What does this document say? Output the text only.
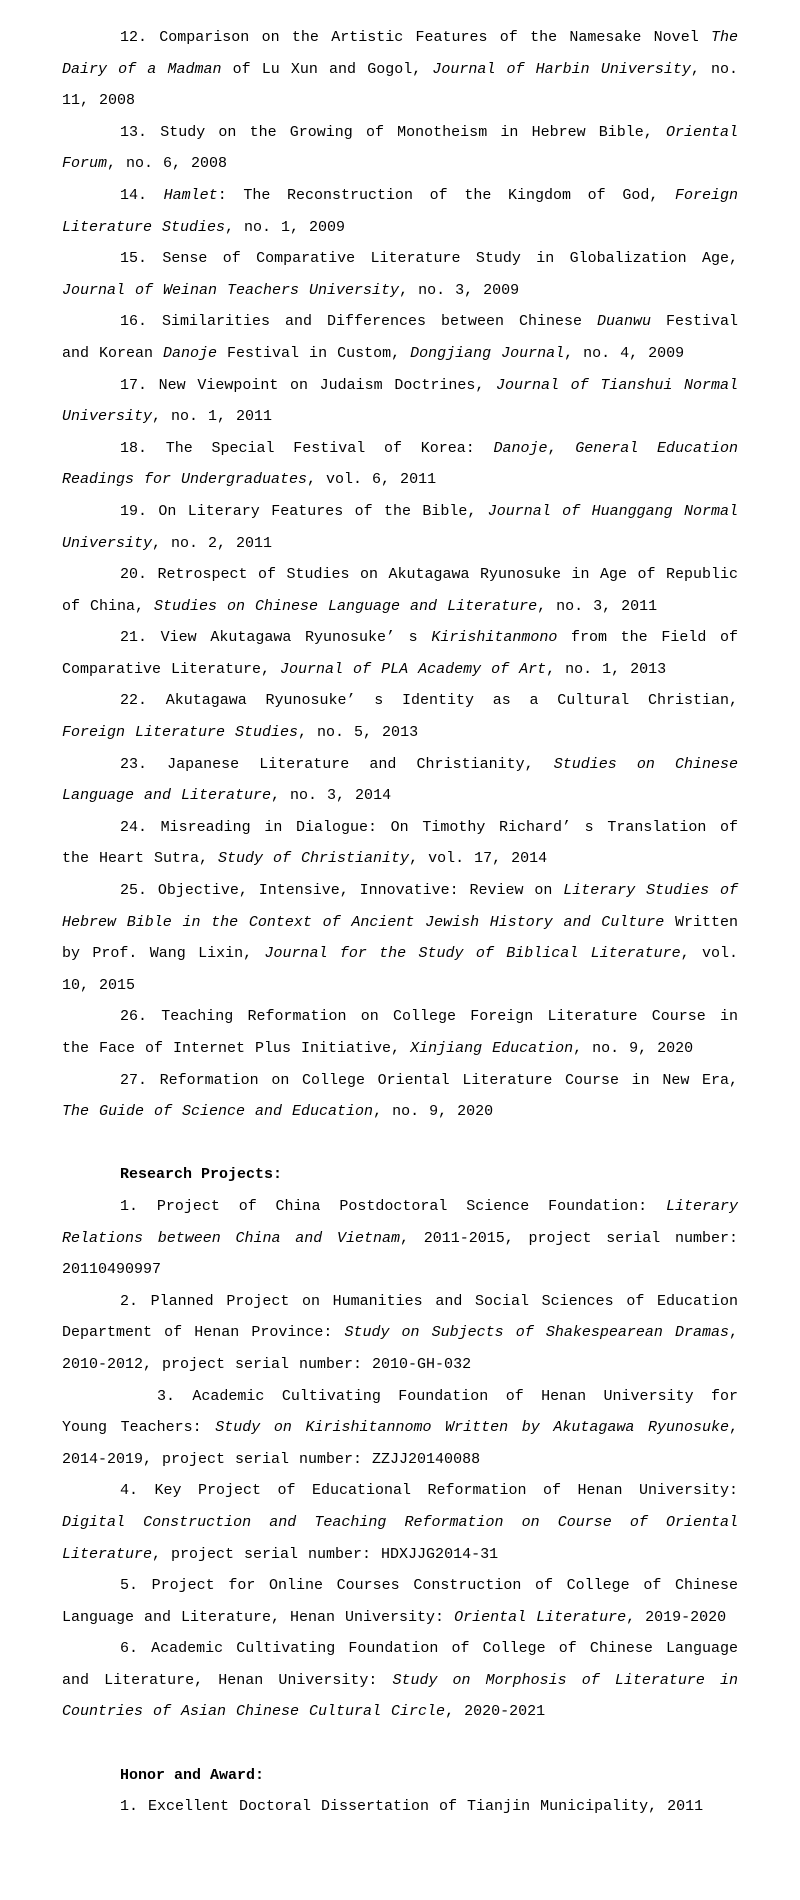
12. Comparison on the Artistic Features of the Namesake Novel The Dairy of a Madman of Lu Xun and Gogol, Journal of Harbin University, no. 11, 2008

13. Study on the Growing of Monotheism in Hebrew Bible, Oriental Forum, no. 6, 2008

14. Hamlet: The Reconstruction of the Kingdom of God, Foreign Literature Studies, no. 1, 2009

15. Sense of Comparative Literature Study in Globalization Age, Journal of Weinan Teachers University, no. 3, 2009

16. Similarities and Differences between Chinese Duanwu Festival and Korean Danoje Festival in Custom, Dongjiang Journal, no. 4, 2009

17. New Viewpoint on Judaism Doctrines, Journal of Tianshui Normal University, no. 1, 2011

18. The Special Festival of Korea: Danoje, General Education Readings for Undergraduates, vol. 6, 2011

19. On Literary Features of the Bible, Journal of Huanggang Normal University, no. 2, 2011

20. Retrospect of Studies on Akutagawa Ryunosuke in Age of Republic of China, Studies on Chinese Language and Literature, no. 3, 2011

21. View Akutagawa Ryunosuke’ s Kirishitanmono from the Field of Comparative Literature, Journal of PLA Academy of Art, no. 1, 2013

22. Akutagawa Ryunosuke’ s Identity as a Cultural Christian, Foreign Literature Studies, no. 5, 2013

23. Japanese Literature and Christianity, Studies on Chinese Language and Literature, no. 3, 2014

24. Misreading in Dialogue: On Timothy Richard’ s Translation of the Heart Sutra, Study of Christianity, vol. 17, 2014

25. Objective, Intensive, Innovative: Review on Literary Studies of Hebrew Bible in the Context of Ancient Jewish History and Culture Written by Prof. Wang Lixin, Journal for the Study of Biblical Literature, vol. 10, 2015

26. Teaching Reformation on College Foreign Literature Course in the Face of Internet Plus Initiative, Xinjiang Education, no. 9, 2020

27. Reformation on College Oriental Literature Course in New Era, The Guide of Science and Education, no. 9, 2020

Research Projects:

1. Project of China Postdoctoral Science Foundation: Literary Relations between China and Vietnam, 2011-2015, project serial number: 20110490997

2. Planned Project on Humanities and Social Sciences of Education Department of Henan Province: Study on Subjects of Shakespearean Dramas, 2010-2012, project serial number: 2010-GH-032

3. Academic Cultivating Foundation of Henan University for Young Teachers: Study on Kirishitannomo Written by Akutagawa Ryunosuke, 2014-2019, project serial number: ZZJJ20140088

4. Key Project of Educational Reformation of Henan University: Digital Construction and Teaching Reformation on Course of Oriental Literature, project serial number: HDXJJG2014-31

5. Project for Online Courses Construction of College of Chinese Language and Literature, Henan University: Oriental Literature, 2019-2020

6. Academic Cultivating Foundation of College of Chinese Language and Literature, Henan University: Study on Morphosis of Literature in Countries of Asian Chinese Cultural Circle, 2020-2021

Honor and Award:

1. Excellent Doctoral Dissertation of Tianjin Municipality, 2011
